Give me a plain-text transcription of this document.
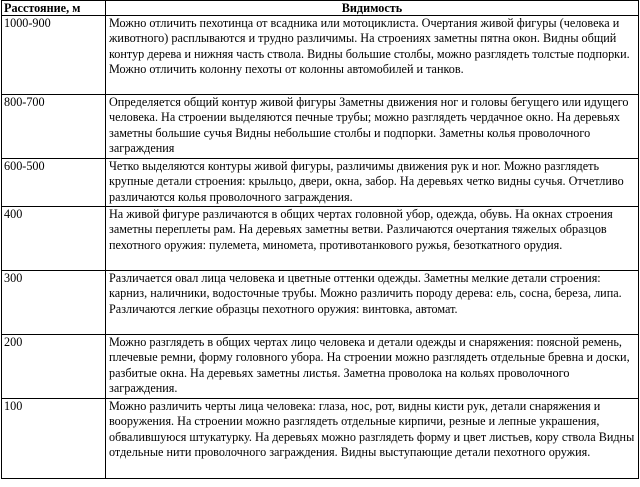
Расстояние, м	Видимость
1000-900	Можно отличить пехотинца от всадника или мотоциклиста. Очертания живой фигуры (человека и животного) расплываются и трудно различимы. На строениях заметны пятна окон. Видны общий контур дерева и нижняя часть ствола. Видны большие столбы, можно разглядеть толстые подпорки. Можно отличить колонну пехоты от колонны автомобилей и танков.
800-700	Определяется общий контур живой фигуры Заметны движения ног и головы бегущего или идущего человека. На строении выделяются печные трубы; можно разглядеть чердачное окно. На деревьях заметны большие сучья Видны небольшие столбы и подпорки. Заметны колья проволочного заграждения
600-500	Четко выделяются контуры живой фигуры, различимы движения рук и ног. Можно разглядеть крупные детали строения: крыльцо, двери, окна, забор. На деревьях четко видны сучья. Отчетливо различаются колья проволочного заграждения.
400	На живой фигуре различаются в общих чертах головной убор, одежда, обувь. На окнах строения заметны переплеты рам. На деревьях заметны ветви. Различаются очертания тяжелых образцов пехотного оружия: пулемета, миномета, противотанкового ружья, безоткатного орудия.
300	Различается овал лица человека и цветные оттенки одежды. Заметны мелкие детали строения: карниз, наличники, водосточные трубы. Можно различить породу дерева: ель, сосна, береза, липа. Различаются легкие образцы пехотного оружия: винтовка, автомат.
200	Можно разглядеть в общих чертах лицо человека и детали одежды и снаряжения: поясной ремень, плечевые ремни, форму головного убора. На строении можно разглядеть отдельные бревна и доски, разбитые окна. На деревьях заметны листья. Заметна проволока на кольях проволочного заграждения.
100	Можно различить черты лица человека: глаза, нос, рот, видны кисти рук, детали снаряжения и вооружения. На строении можно разглядеть отдельные кирпичи, резные и лепные украшения, обвалившуюся штукатурку. На деревьях можно разглядеть форму и цвет листьев, кору ствола Видны отдельные нити проволочного заграждения. Видны выступающие детали пехотного оружия.
